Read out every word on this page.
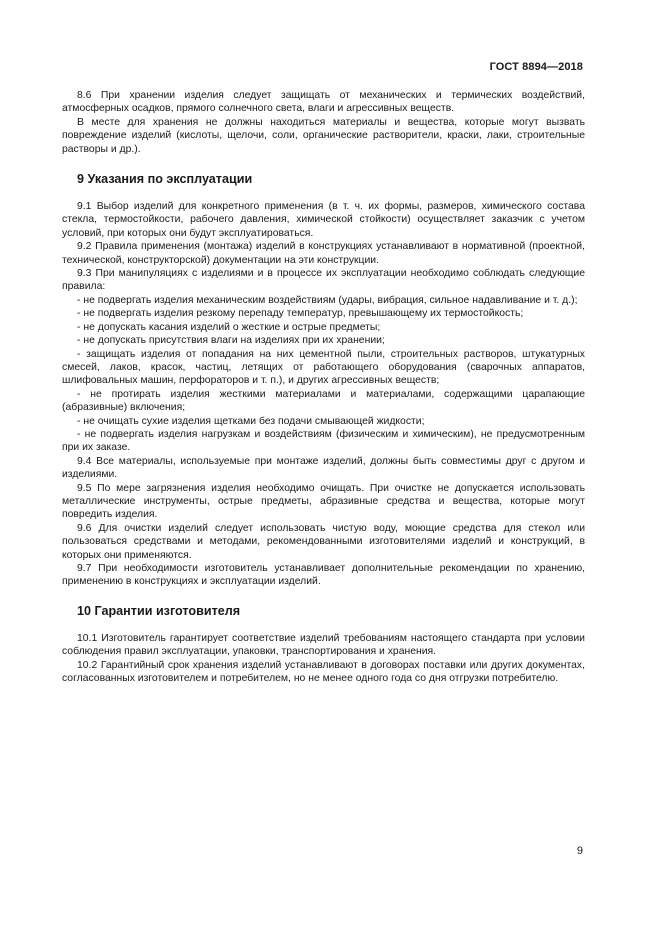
ГОСТ 8894—2018

8.6 При хранении изделия следует защищать от механических и термических воздействий, атмосферных осадков, прямого солнечного света, влаги и агрессивных веществ.

В месте для хранения не должны находиться материалы и вещества, которые могут вызвать повреждение изделий (кислоты, щелочи, соли, органические растворители, краски, лаки, строительные растворы и др.).

9 Указания по эксплуатации

9.1 Выбор изделий для конкретного применения (в т. ч. их формы, размеров, химического состава стекла, термостойкости, рабочего давления, химической стойкости) осуществляет заказчик с учетом условий, при которых они будут эксплуатироваться.

9.2 Правила применения (монтажа) изделий в конструкциях устанавливают в нормативной (проектной, технической, конструкторской) документации на эти конструкции.

9.3 При манипуляциях с изделиями и в процессе их эксплуатации необходимо соблюдать следующие правила:

- не подвергать изделия механическим воздействиям (удары, вибрация, сильное надавливание и т. д.);

- не подвергать изделия резкому перепаду температур, превышающему их термостойкость;

- не допускать касания изделий о жесткие и острые предметы;

- не допускать присутствия влаги на изделиях при их хранении;

- защищать изделия от попадания на них цементной пыли, строительных растворов, штукатурных смесей, лаков, красок, частиц, летящих от работающего оборудования (сварочных аппаратов, шлифовальных машин, перфораторов и т. п.), и других агрессивных веществ;

- не протирать изделия жесткими материалами и материалами, содержащими царапающие (абразивные) включения;

- не очищать сухие изделия щетками без подачи смывающей жидкости;

- не подвергать изделия нагрузкам и воздействиям (физическим и химическим), не предусмотренным при их заказе.

9.4 Все материалы, используемые при монтаже изделий, должны быть совместимы друг с другом и изделиями.

9.5 По мере загрязнения изделия необходимо очищать. При очистке не допускается использовать металлические инструменты, острые предметы, абразивные средства и вещества, которые могут повредить изделия.

9.6 Для очистки изделий следует использовать чистую воду, моющие средства для стекол или пользоваться средствами и методами, рекомендованными изготовителями изделий и конструкций, в которых они применяются.

9.7 При необходимости изготовитель устанавливает дополнительные рекомендации по хранению, применению в конструкциях и эксплуатации изделий.

10 Гарантии изготовителя

10.1 Изготовитель гарантирует соответствие изделий требованиям настоящего стандарта при условии соблюдения правил эксплуатации, упаковки, транспортирования и хранения.

10.2 Гарантийный срок хранения изделий устанавливают в договорах поставки или других документах, согласованных изготовителем и потребителем, но не менее одного года со дня отгрузки потребителю.

9
